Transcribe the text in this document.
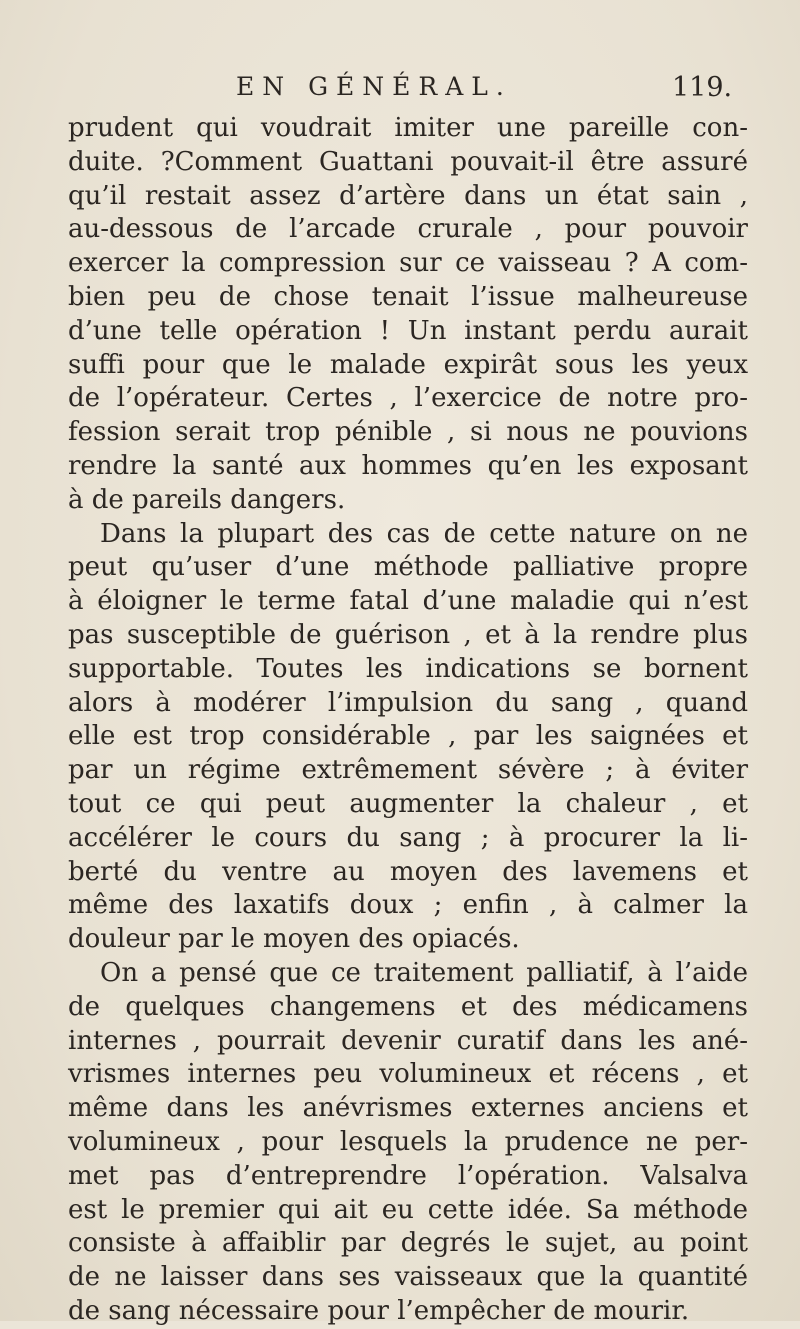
EN GÉNÉRAL.	119.
prudent qui voudrait imiter une pareille con-
duite. ?Comment Guattani pouvait-il être assuré
qu’il restait assez d’artère dans un état sain ,
au-dessous de l’arcade crurale , pour pouvoir
exercer la compression sur ce vaisseau ? A com-
bien peu de chose tenait l’issue malheureuse
d’une telle opération ! Un instant perdu aurait
suffi pour que le malade expirât sous les yeux
de l’opérateur. Certes , l’exercice de notre pro-
fession serait trop pénible , si nous ne pouvions
rendre la santé aux hommes qu’en les exposant
à de pareils dangers.
Dans la plupart des cas de cette nature on ne
peut qu’user d’une méthode palliative propre
à éloigner le terme fatal d’une maladie qui n’est
pas susceptible de guérison , et à la rendre plus
supportable. Toutes les indications se bornent
alors à modérer l’impulsion du sang , quand
elle est trop considérable , par les saignées et
par un régime extrêmement sévère ; à éviter
tout ce qui peut augmenter la chaleur , et
accélérer le cours du sang ; à procurer la li-
berté du ventre au moyen des lavemens et
même des laxatifs doux ; enfin , à calmer la
douleur par le moyen des opiacés.
On a pensé que ce traitement palliatif, à l’aide
de quelques changemens et des médicamens
internes , pourrait devenir curatif dans les ané-
vrismes internes peu volumineux et récens , et
même dans les anévrismes externes anciens et
volumineux , pour lesquels la prudence ne per-
met pas d’entreprendre l’opération. Valsalva
est le premier qui ait eu cette idée. Sa méthode
consiste à affaiblir par degrés le sujet, au point
de ne laisser dans ses vaisseaux que la quantité
de sang nécessaire pour l’empêcher de mourir.
